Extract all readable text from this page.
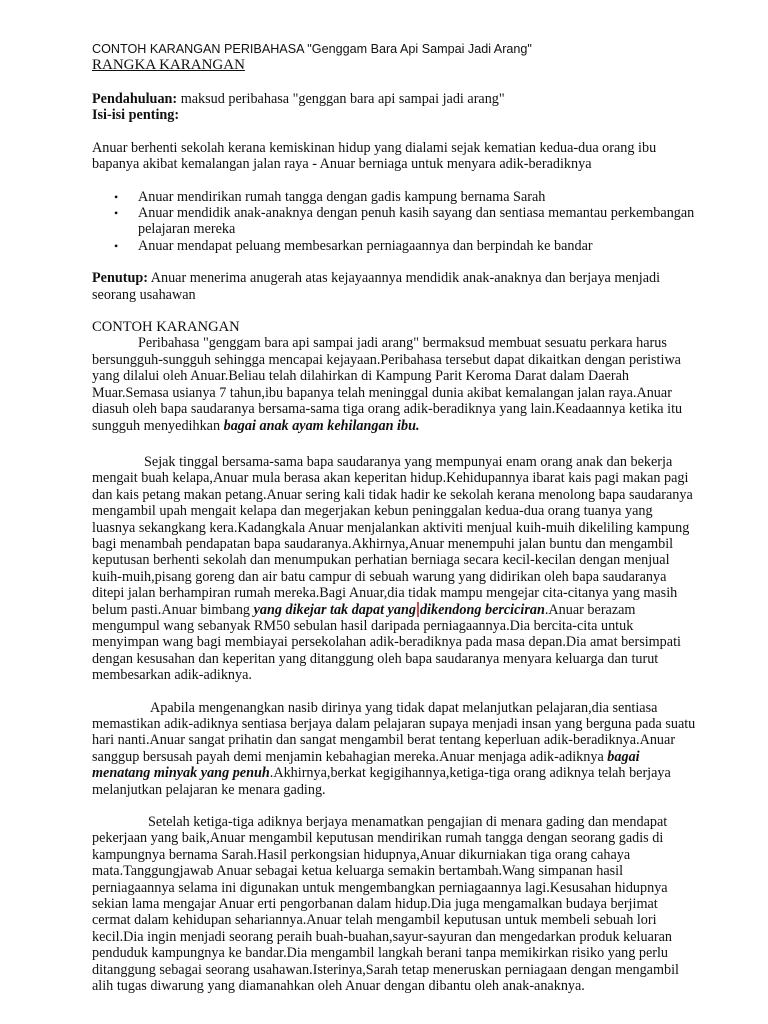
CONTOH KARANGAN PERIBAHASA "Genggam Bara Api Sampai Jadi Arang"

RANGKA KARANGAN

Pendahuluan: maksud peribahasa "genggan bara api sampai jadi arang"

Isi-isi penting:

Anuar berhenti sekolah kerana kemiskinan hidup yang dialami sejak kematian kedua-dua orang ibu bapanya akibat kemalangan jalan raya - Anuar berniaga untuk menyara adik-beradiknya

• Anuar mendirikan rumah tangga dengan gadis kampung bernama Sarah
• Anuar mendidik anak-anaknya dengan penuh kasih sayang dan sentiasa memantau perkembangan pelajaran mereka
• Anuar mendapat peluang membesarkan perniagaannya dan berpindah ke bandar

Penutup: Anuar menerima anugerah atas kejayaannya mendidik anak-anaknya dan berjaya menjadi seorang usahawan

CONTOH KARANGAN

Peribahasa "genggam bara api sampai jadi arang" bermaksud membuat sesuatu perkara harus bersungguh-sungguh sehingga mencapai kejayaan.Peribahasa tersebut dapat dikaitkan dengan peristiwa yang dilalui oleh Anuar.Beliau telah dilahirkan di Kampung Parit Keroma Darat dalam Daerah Muar.Semasa usianya 7 tahun,ibu bapanya telah meninggal dunia akibat kemalangan jalan raya.Anuar diasuh oleh bapa saudaranya bersama-sama tiga orang adik-beradiknya yang lain.Keadaannya ketika itu sungguh menyedihkan bagai anak ayam kehilangan ibu.

Sejak tinggal bersama-sama bapa saudaranya yang mempunyai enam orang anak dan bekerja mengait buah kelapa,Anuar mula berasa akan keperitan hidup.Kehidupannya ibarat kais pagi makan pagi dan kais petang makan petang.Anuar sering kali tidak hadir ke sekolah kerana menolong bapa saudaranya mengambil upah mengait kelapa dan megerjakan kebun peninggalan kedua-dua orang tuanya yang luasnya sekangkang kera.Kadangkala Anuar menjalankan aktiviti menjual kuih-muih dikeliling kampung bagi menambah pendapatan bapa saudaranya.Akhirnya,Anuar menempuhi jalan buntu dan mengambil keputusan berhenti sekolah dan menumpukan perhatian berniaga secara kecil-kecilan dengan menjual kuih-muih,pisang goreng dan air batu campur di sebuah warung yang didirikan oleh bapa saudaranya ditepi jalan berhampiran rumah mereka.Bagi Anuar,dia tidak mampu mengejar cita-citanya yang masih belum pasti.Anuar bimbang yang dikejar tak dapat yang dikendong berciciran.Anuar berazam mengumpul wang sebanyak RM50 sebulan hasil daripada perniagaannya.Dia bercita-cita untuk menyimpan wang bagi membiayai persekolahan adik-beradiknya pada masa depan.Dia amat bersimpati dengan kesusahan dan keperitan yang ditanggung oleh bapa saudaranya menyara keluarga dan turut membesarkan adik-adiknya.

Apabila mengenangkan nasib dirinya yang tidak dapat melanjutkan pelajaran,dia sentiasa memastikan adik-adiknya sentiasa berjaya dalam pelajaran supaya menjadi insan yang berguna pada suatu hari nanti.Anuar sangat prihatin dan sangat mengambil berat tentang keperluan adik-beradiknya.Anuar sanggup bersusah payah demi menjamin kebahagian mereka.Anuar menjaga adik-adiknya bagai menatang minyak yang penuh.Akhirnya,berkat kegigihannya,ketiga-tiga orang adiknya telah berjaya melanjutkan pelajaran ke menara gading.

Setelah ketiga-tiga adiknya berjaya menamatkan pengajian di menara gading dan mendapat pekerjaan yang baik,Anuar mengambil keputusan mendirikan rumah tangga dengan seorang gadis di kampungnya bernama Sarah.Hasil perkongsian hidupnya,Anuar dikurniakan tiga orang cahaya mata.Tanggungjawab Anuar sebagai ketua keluarga semakin bertambah.Wang simpanan hasil perniagaannya selama ini digunakan untuk mengembangkan perniagaannya lagi.Kesusahan hidupnya sekian lama mengajar Anuar erti pengorbanan dalam hidup.Dia juga mengamalkan budaya berjimat cermat dalam kehidupan sehariannya.Anuar telah mengambil keputusan untuk membeli sebuah lori kecil.Dia ingin menjadi seorang peraih buah-buahan,sayur-sayuran dan mengedarkan produk keluaran penduduk kampungnya ke bandar.Dia mengambil langkah berani tanpa memikirkan risiko yang perlu ditanggung sebagai seorang usahawan.Isterinya,Sarah tetap meneruskan perniagaan dengan mengambil alih tugas diwarung yang diamanahkan oleh Anuar dengan dibantu oleh anak-anaknya.
